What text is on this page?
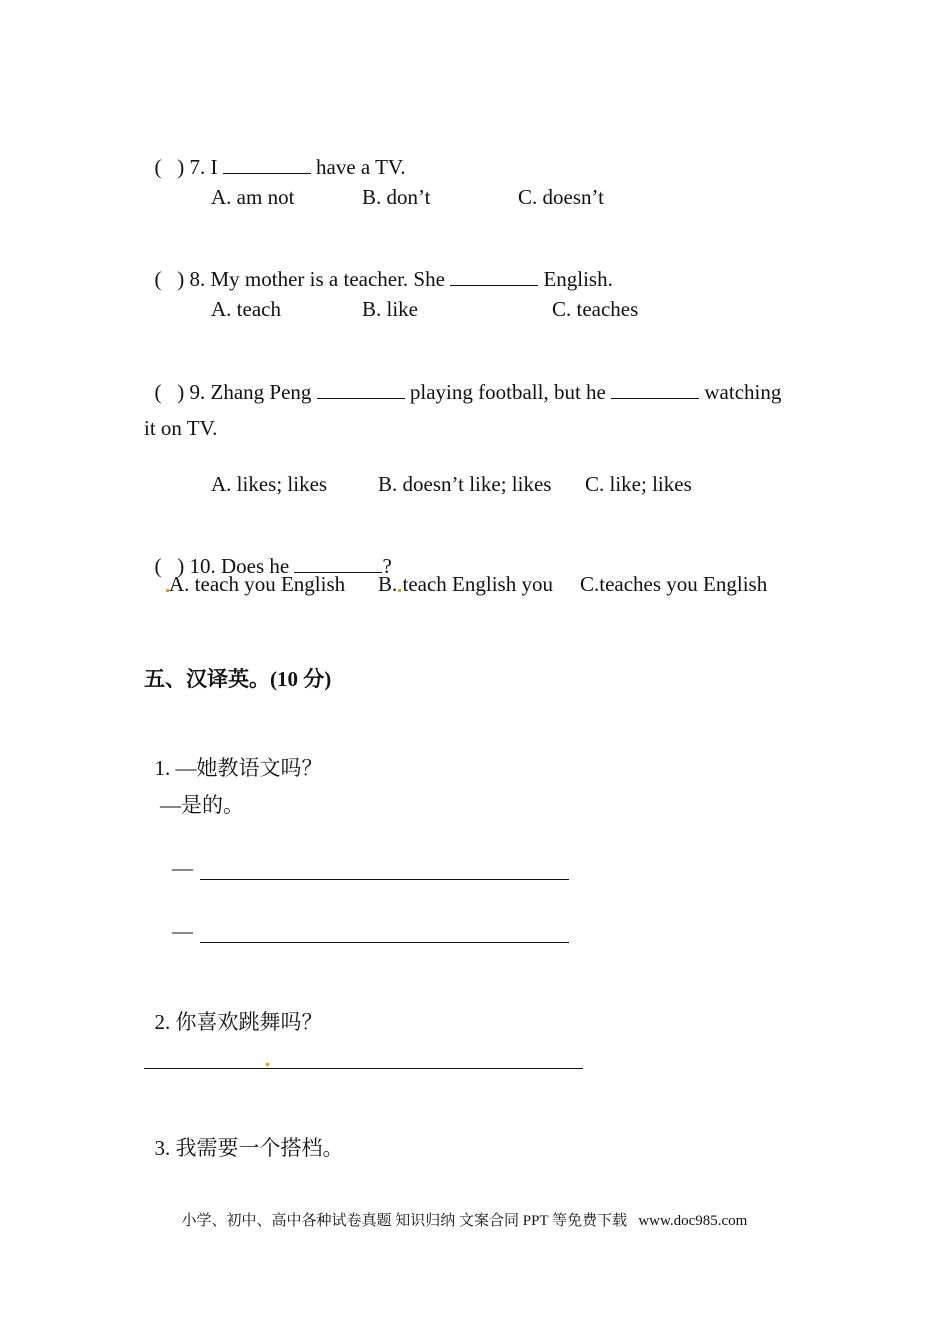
(   ) 7. I	have a TV.

A. am not	B. don’t	C. doesn’t

(   ) 8. My mother is a teacher. She	English.

A. teach	B. like	C. teaches

(   ) 9. Zhang Peng	playing football, but he	watching

it on TV.
A. likes; likes B. doesn’t like; likes C. like; likes

(   ) 10. Does he	?

A. teach you English B. teach English you C.teaches you English
五、汉译英。(10 分)

1. —她教语文吗？

—是的。
—
—

2. 你喜欢跳舞吗？

3. 我需要一个搭档。

小学、初中、高中各种试卷真题 知识归纳 文案合同 PPT 等免费下载 www.doc985.com
